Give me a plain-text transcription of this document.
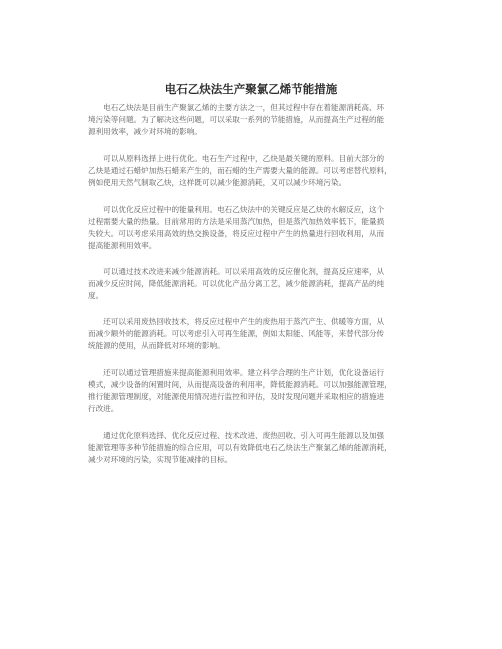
电石乙炔法生产聚氯乙烯节能措施
　　电石乙炔法是目前生产聚氯乙烯的主要方法之一，但其过程中存在着能源消耗高、环
境污染等问题。为了解决这些问题，可以采取一系列的节能措施，从而提高生产过程的能
源利用效率，减少对环境的影响。
　　可以从原料选择上进行优化。电石生产过程中，乙炔是最关键的原料。目前大部分的
乙炔是通过石蜡炉加热石蜡来产生的，而石蜡的生产需要大量的能源。可以考虑替代原料，
例如使用天然气制取乙炔，这样既可以减少能源消耗，又可以减少环境污染。
　　可以优化反应过程中的能量利用。电石乙炔法中的关键反应是乙炔的水解反应，这个
过程需要大量的热量。目前常用的方法是采用蒸汽加热，但是蒸汽加热效率低下，能量损
失较大。可以考虑采用高效的热交换设备，将反应过程中产生的热量进行回收利用，从而
提高能源利用效率。
　　可以通过技术改进来减少能源消耗。可以采用高效的反应催化剂，提高反应速率，从
而减少反应时间，降低能源消耗。可以优化产品分离工艺，减少能源消耗，提高产品的纯
度。
　　还可以采用废热回收技术，将反应过程中产生的废热用于蒸汽产生、供暖等方面，从
而减少额外的能源消耗。可以考虑引入可再生能源，例如太阳能、风能等，来替代部分传
统能源的使用，从而降低对环境的影响。
　　还可以通过管理措施来提高能源利用效率。建立科学合理的生产计划，优化设备运行
模式，减少设备的闲置时间，从而提高设备的利用率，降低能源消耗。可以加强能源管理，
推行能源管理制度，对能源使用情况进行监控和评估，及时发现问题并采取相应的措施进
行改进。
　　通过优化原料选择、优化反应过程、技术改进、废热回收、引入可再生能源以及加强
能源管理等多种节能措施的综合应用，可以有效降低电石乙炔法生产聚氯乙烯的能源消耗，
减少对环境的污染，实现节能减排的目标。
